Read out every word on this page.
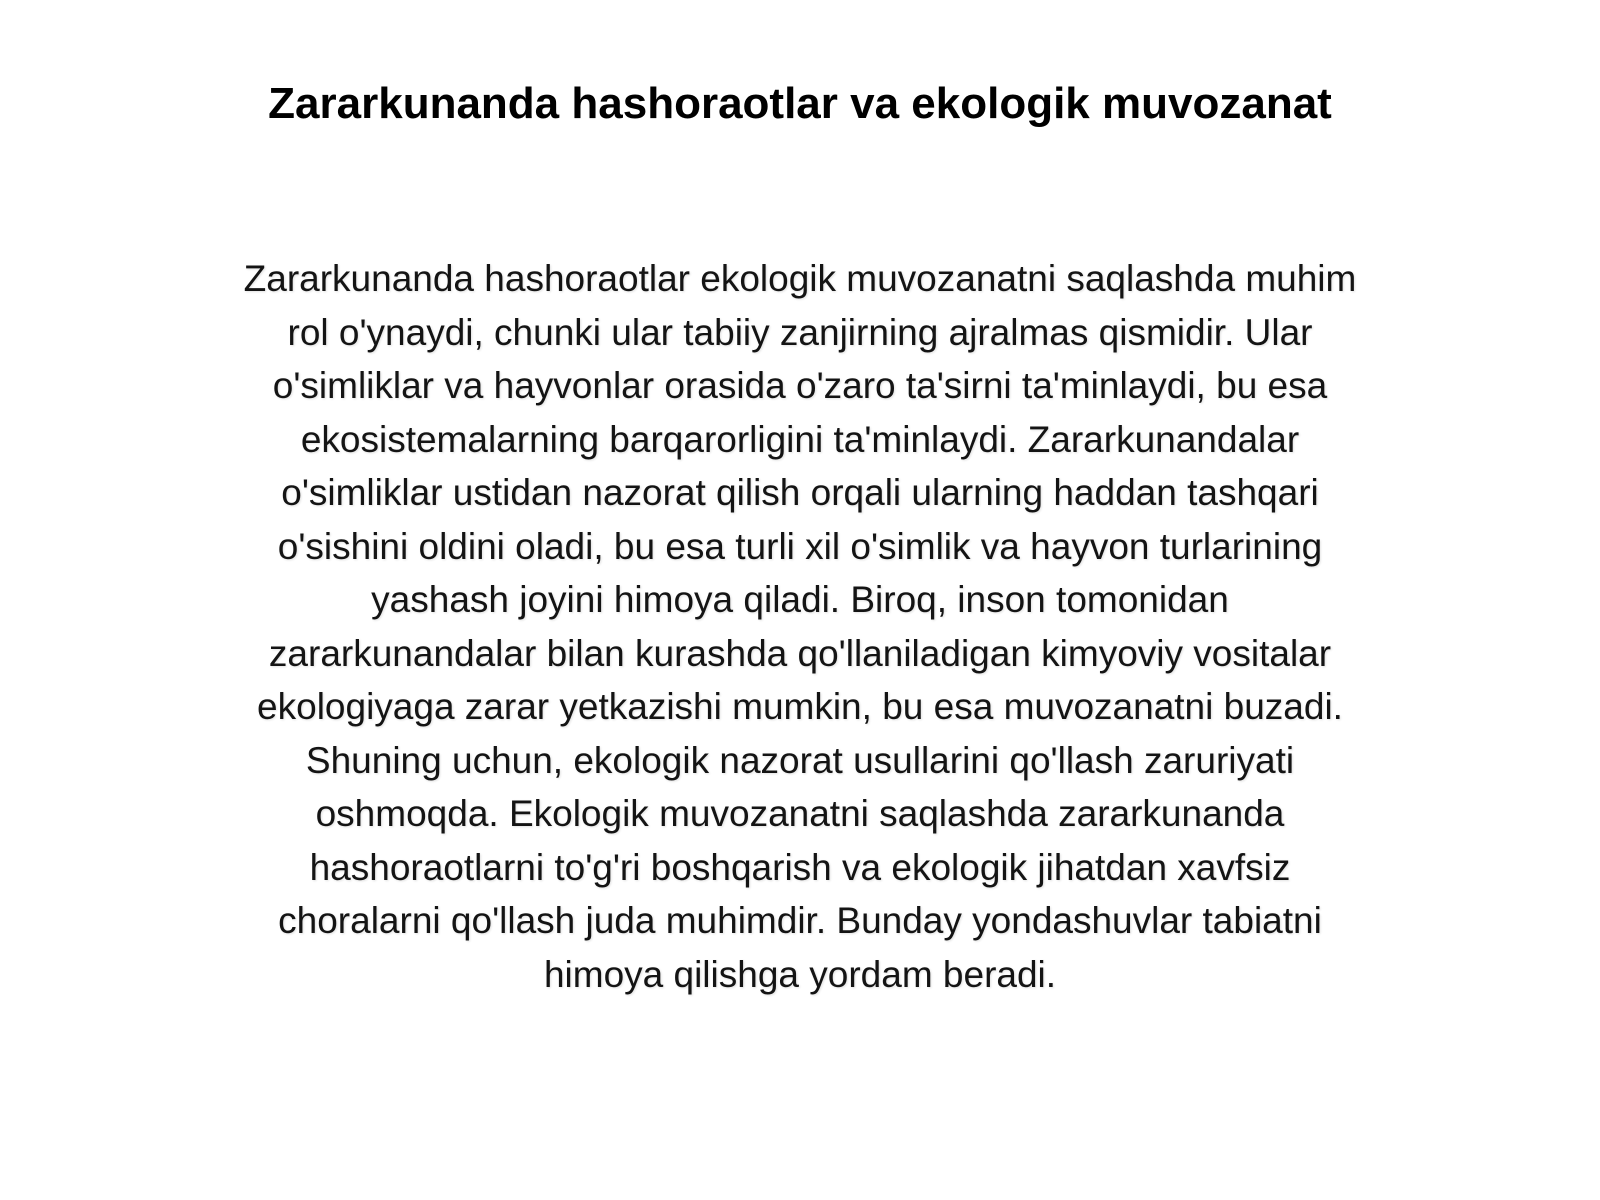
Zararkunanda hashoraotlar va ekologik muvozanat

Zararkunanda hashoraotlar ekologik muvozanatni saqlashda muhim
rol o'ynaydi, chunki ular tabiiy zanjirning ajralmas qismidir. Ular
o'simliklar va hayvonlar orasida o'zaro ta'sirni ta'minlaydi, bu esa
ekosistemalarning barqarorligini ta'minlaydi. Zararkunandalar
o'simliklar ustidan nazorat qilish orqali ularning haddan tashqari
o'sishini oldini oladi, bu esa turli xil o'simlik va hayvon turlarining
yashash joyini himoya qiladi. Biroq, inson tomonidan
zararkunandalar bilan kurashda qo'llaniladigan kimyoviy vositalar
ekologiyaga zarar yetkazishi mumkin, bu esa muvozanatni buzadi.
Shuning uchun, ekologik nazorat usullarini qo'llash zaruriyati
oshmoqda. Ekologik muvozanatni saqlashda zararkunanda
hashoraotlarni to'g'ri boshqarish va ekologik jihatdan xavfsiz
choralarni qo'llash juda muhimdir. Bunday yondashuvlar tabiatni
himoya qilishga yordam beradi.
